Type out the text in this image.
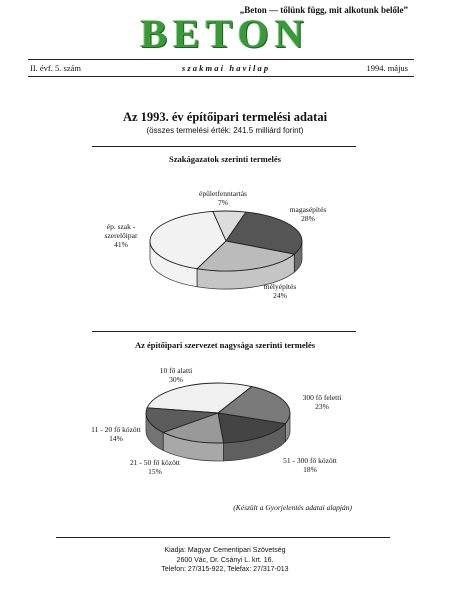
„Beton — tőlünk függ, mit alkotunk belőle”
BETON
II. évf. 5. szám	s z a k m a i   h a v i l a p	1994. május
Az 1993. év építőipari termelési adatai
(összes termelési érték: 241.5 milliárd forint)
Szakágazatok szerinti termelés
épületfenntartás
7%
magasépítés
28%
mélyépítés
24%
ép. szak - szerelőipar
41%
Az építőipari szervezet nagysága szerinti termelés
10 fő alatti
30%
300 fő feletti
23%
51 - 300 fő között
18%
21 - 50 fő között
15%
11 - 20 fő között
14%
(Készült a Gyorjelentés adatai alapján)
Kiadja: Magyar Cementipari Szövetség
2600 Vác, Dr. Csányi L. krt. 16.
Telefon: 27/315-922, Telefax: 27/317-013
